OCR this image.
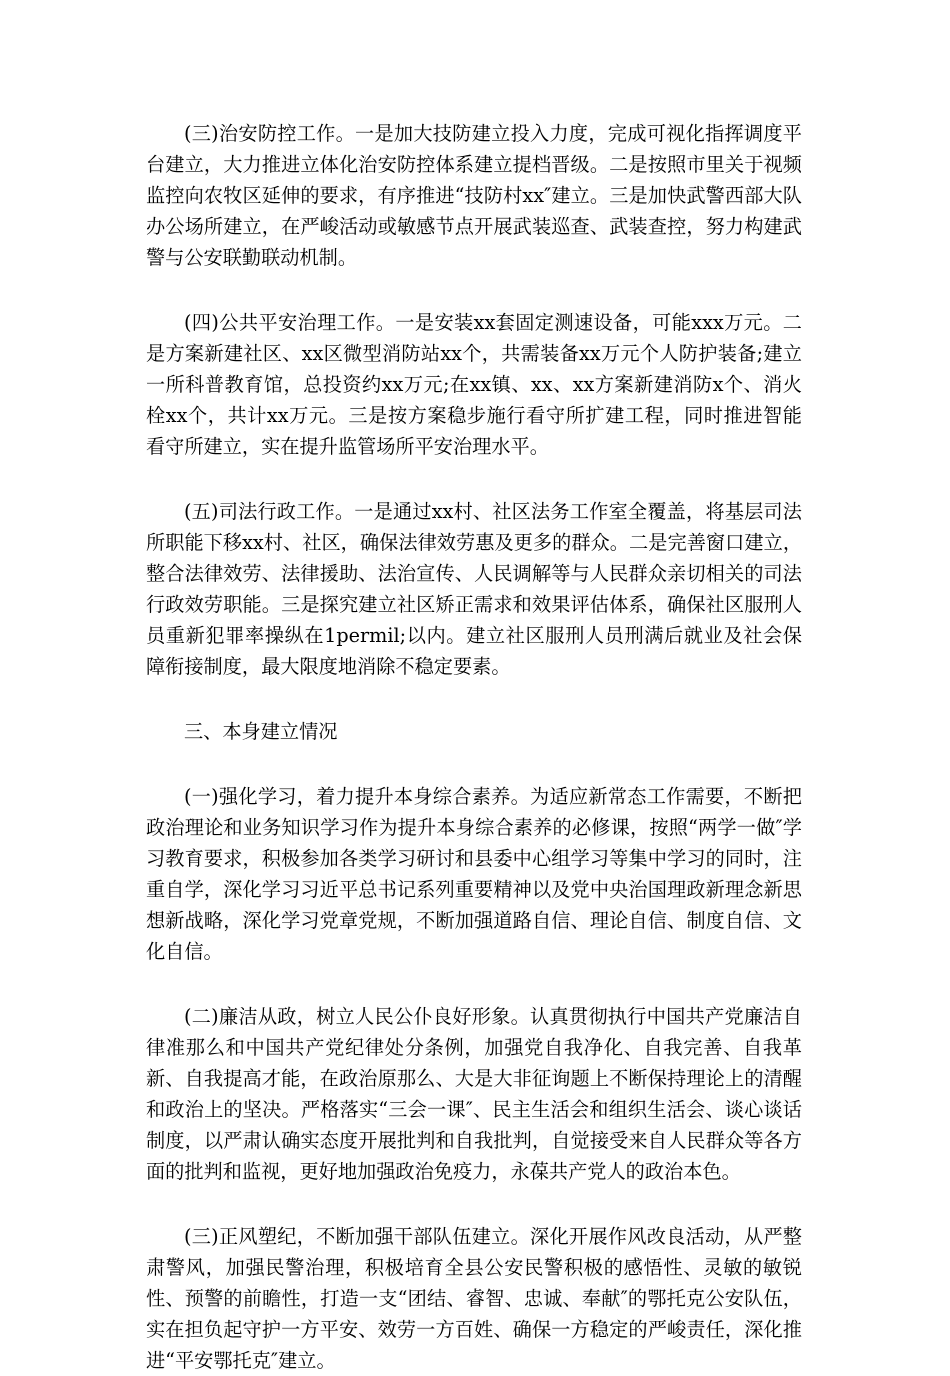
(三)治安防控工作。一是加大技防建立投入力度，完成可视化指挥调度平台建立，大力推进立体化治安防控体系建立提档晋级。二是按照市里关于视频监控向农牧区延伸的要求，有序推进“技防村xx″建立。三是加快武警西部大队办公场所建立，在严峻活动或敏感节点开展武装巡查、武装查控，努力构建武警与公安联勤联动机制。

(四)公共平安治理工作。一是安装xx套固定测速设备，可能xxx万元。二是方案新建社区、xx区微型消防站xx个，共需装备xx万元个人防护装备;建立一所科普教育馆，总投资约xx万元;在xx镇、xx、xx方案新建消防x个、消火栓xx个，共计xx万元。三是按方案稳步施行看守所扩建工程，同时推进智能看守所建立，实在提升监管场所平安治理水平。

(五)司法行政工作。一是通过xx村、社区法务工作室全覆盖，将基层司法所职能下移xx村、社区，确保法律效劳惠及更多的群众。二是完善窗口建立，整合法律效劳、法律援助、法治宣传、人民调解等与人民群众亲切相关的司法行政效劳职能。三是探究建立社区矫正需求和效果评估体系，确保社区服刑人员重新犯罪率操纵在1permil;以内。建立社区服刑人员刑满后就业及社会保障衔接制度，最大限度地消除不稳定要素。

三、本身建立情况

(一)强化学习，着力提升本身综合素养。为适应新常态工作需要，不断把政治理论和业务知识学习作为提升本身综合素养的必修课，按照“两学一做″学习教育要求，积极参加各类学习研讨和县委中心组学习等集中学习的同时，注重自学，深化学习习近平总书记系列重要精神以及党中央治国理政新理念新思想新战略，深化学习党章党规，不断加强道路自信、理论自信、制度自信、文化自信。

(二)廉洁从政，树立人民公仆良好形象。认真贯彻执行中国共产党廉洁自律准那么和中国共产党纪律处分条例，加强党自我净化、自我完善、自我革新、自我提高才能，在政治原那么、大是大非征询题上不断保持理论上的清醒和政治上的坚决。严格落实“三会一课″、民主生活会和组织生活会、谈心谈话制度，以严肃认确实态度开展批判和自我批判，自觉接受来自人民群众等各方面的批判和监视，更好地加强政治免疫力，永葆共产党人的政治本色。

(三)正风塑纪，不断加强干部队伍建立。深化开展作风改良活动，从严整肃警风，加强民警治理，积极培育全县公安民警积极的感悟性、灵敏的敏锐性、预警的前瞻性，打造一支“团结、睿智、忠诚、奉献″的鄂托克公安队伍，实在担负起守护一方平安、效劳一方百姓、确保一方稳定的严峻责任，深化推进“平安鄂托克″建立。
